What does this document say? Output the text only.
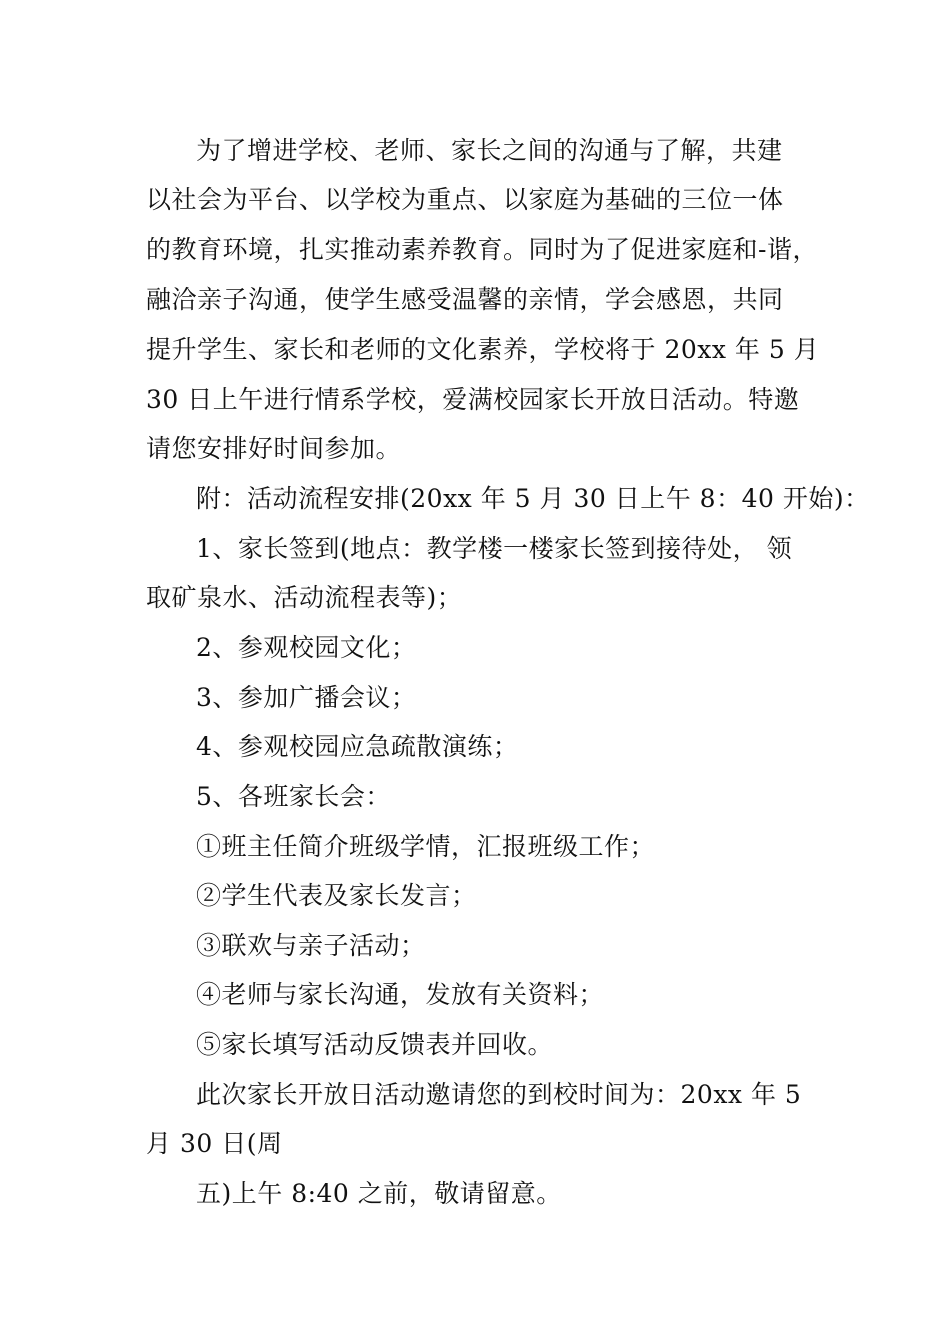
为了增进学校、老师、家长之间的沟通与了解，共建
以社会为平台、以学校为重点、以家庭为基础的三位一体
的教育环境，扎实推动素养教育。同时为了促进家庭和-谐，
融洽亲子沟通，使学生感受温馨的亲情，学会感恩，共同
提升学生、家长和老师的文化素养，学校将于 20xx 年 5 月
30 日上午进行情系学校，爱满校园家长开放日活动。特邀
请您安排好时间参加。
附：活动流程安排(20xx 年 5 月 30 日上午 8：40 开始)：
1、家长签到(地点：教学楼一楼家长签到接待处， 领
取矿泉水、活动流程表等)；
2、参观校园文化；
3、参加广播会议；
4、参观校园应急疏散演练；
5、各班家长会：
①班主任简介班级学情，汇报班级工作；
②学生代表及家长发言；
③联欢与亲子活动；
④老师与家长沟通，发放有关资料；
⑤家长填写活动反馈表并回收。
此次家长开放日活动邀请您的到校时间为：20xx 年 5
月 30 日(周
五)上午 8:40 之前，敬请留意。
